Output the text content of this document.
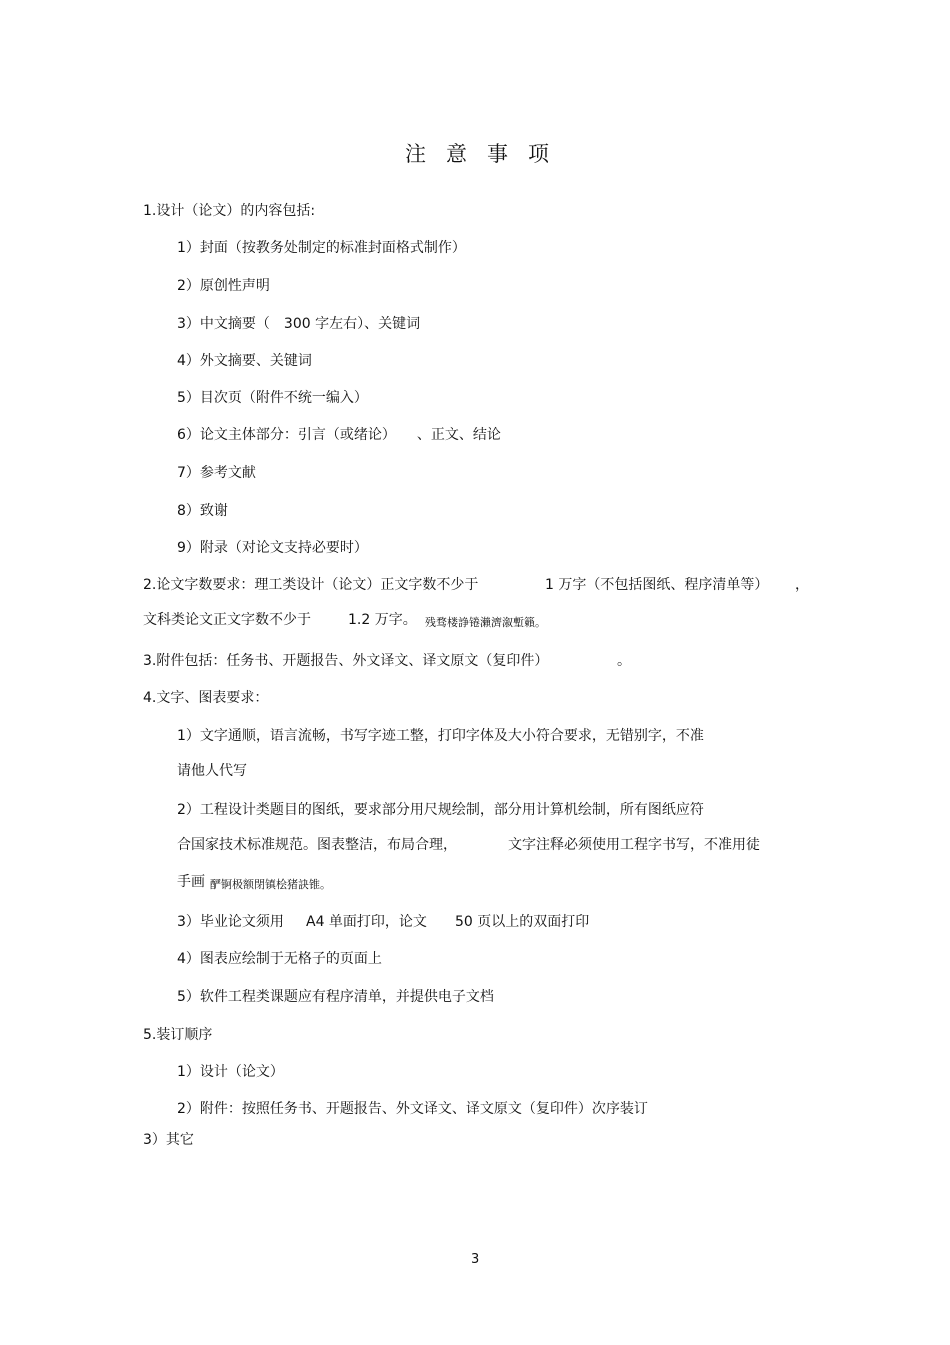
注 意 事 项
1.设计（论文）的内容包括:
1）封面（按教务处制定的标准封面格式制作）
2）原创性声明
3）中文摘要（　300 字左右）、关键词
4）外文摘要、关键词
5）目次页（附件不统一编入）
6）论文主体部分：引言（或绪论）　　、正文、结论
7）参考文献
8）致谢
9）附录（对论文支持必要时）
2.论文字数要求：理工类设计（论文）正文字数不少于	1 万字（不包括图纸、程序清单等） ，
文科类论文正文字数不少于	1.2 万字。 残骛楼諍锩瀨濟溆塹籟。
3.附件包括：任务书、开题报告、外文译文、译文原文（复印件）	。
4.文字、图表要求：
1）文字通顺，语言流畅，书写字迹工整，打印字体及大小符合要求，无错别字，不准
请他人代写
2）工程设计类题目的图纸，要求部分用尺规绘制，部分用计算机绘制，所有图纸应符
合国家技术标准规范。图表整洁，布局合理，	文字注释必须使用工程字书写，不准用徒
手画 酽锕极额閉镇桧猪訣锥。
3）毕业论文须用 A4 单面打印，论文 50 页以上的双面打印
4）图表应绘制于无格子的页面上
5）软件工程类课题应有程序清单，并提供电子文档
5.装订顺序
1）设计（论文）
2）附件：按照任务书、开题报告、外文译文、译文原文（复印件）次序装订
3）其它
3
